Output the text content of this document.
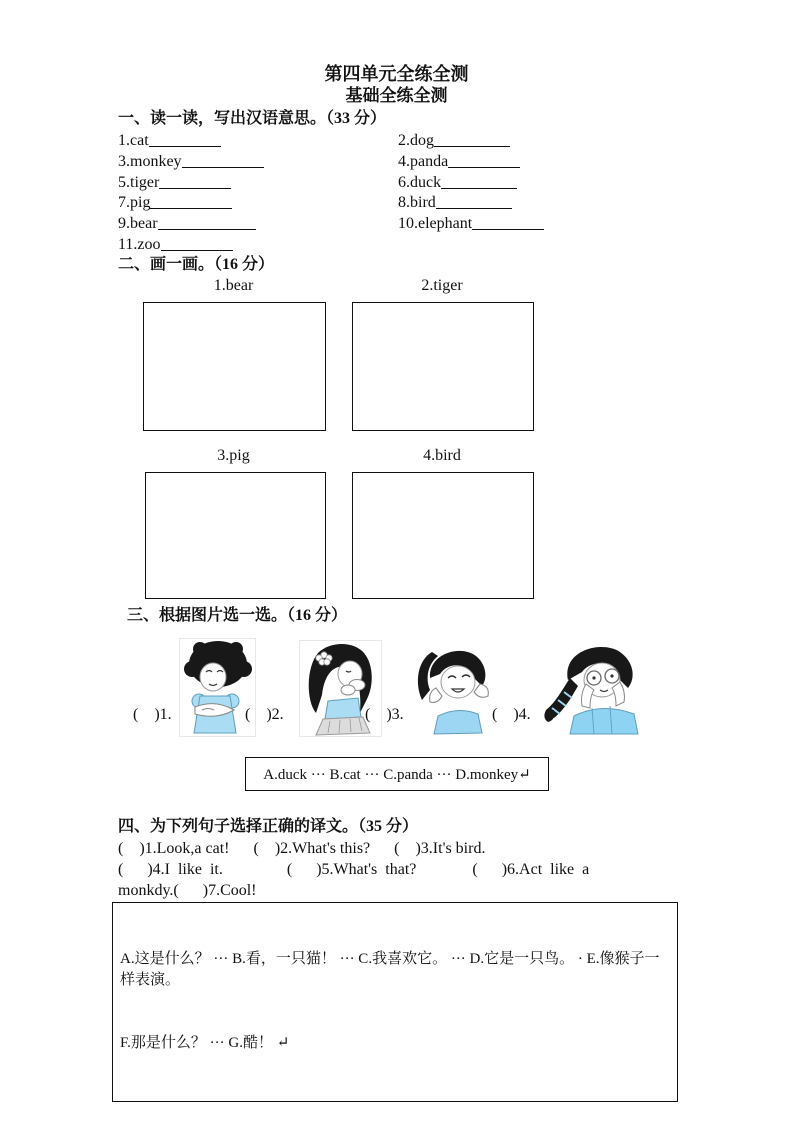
第四单元全练全测
基础全练全测
一、读一读，写出汉语意思。（33 分）
1.cat	2.dog
3.monkey	4.panda
5.tiger	6.duck
7.pig	8.bird
9.bear	10.elephant
11.zoo
二、画一画。（16 分）
1.bear	2.tiger
3.pig	4.bird
三、根据图片选一选。（16 分）
(    )1.	(    )2.	(    )3.	(    )4.
A.duck ··· B.cat ··· C.panda ··· D.monkey↵
四、为下列句子选择正确的译文。（35 分）
(    )1.Look,a cat!      (    )2.What's this?      (    )3.It's bird.
(      )4.I  like  it.                (      )5.What's  that?              (      )6.Act  like  a
monkdy.(      )7.Cool!

A.这是什么？ ··· B.看，一只猫！ ··· C.我喜欢它。 ··· D.它是一只鸟。 · E.像猴子一样表演。

F.那是什么？ ··· G.酷！ ↵
